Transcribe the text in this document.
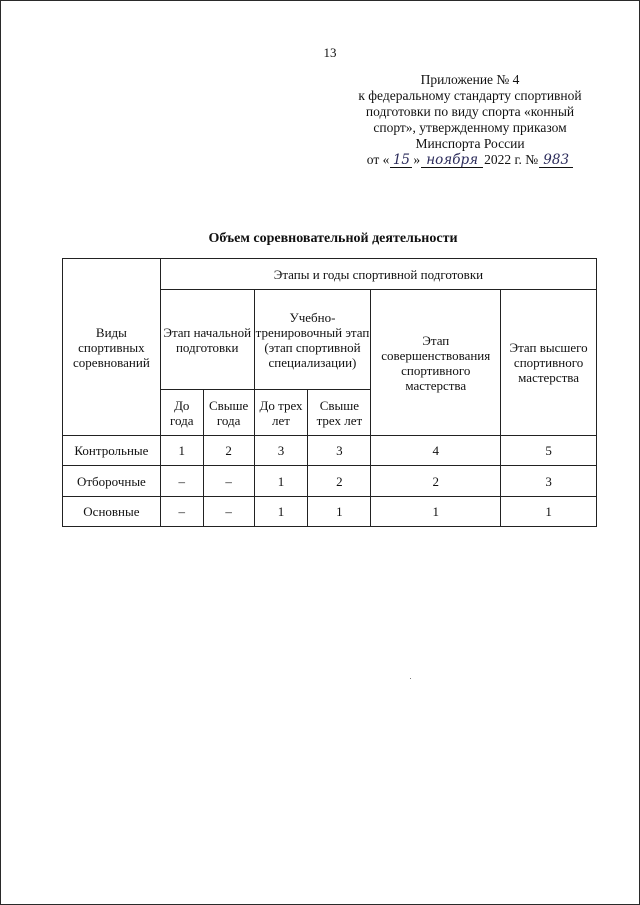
13
Приложение № 4
к федеральному стандарту спортивной
подготовки по виду спорта «конный
спорт», утвержденному приказом
Минспорта России
от « 15 » ноября 2022 г. № 983
Объем соревновательной деятельности
Виды спортивных соревнований	Этапы и годы спортивной подготовки					
	Этап начальной подготовки		Учебно-тренировочный этап (этап спортивной специализации)		Этап совершенствования спортивного мастерства	Этап высшего спортивного мастерства
	До года	Свыше года	До трех лет	Свыше трех лет		
Контрольные	1	2	3	3	4	5
Отборочные	–	–	1	2	2	3
Основные	–	–	1	1	1	1
